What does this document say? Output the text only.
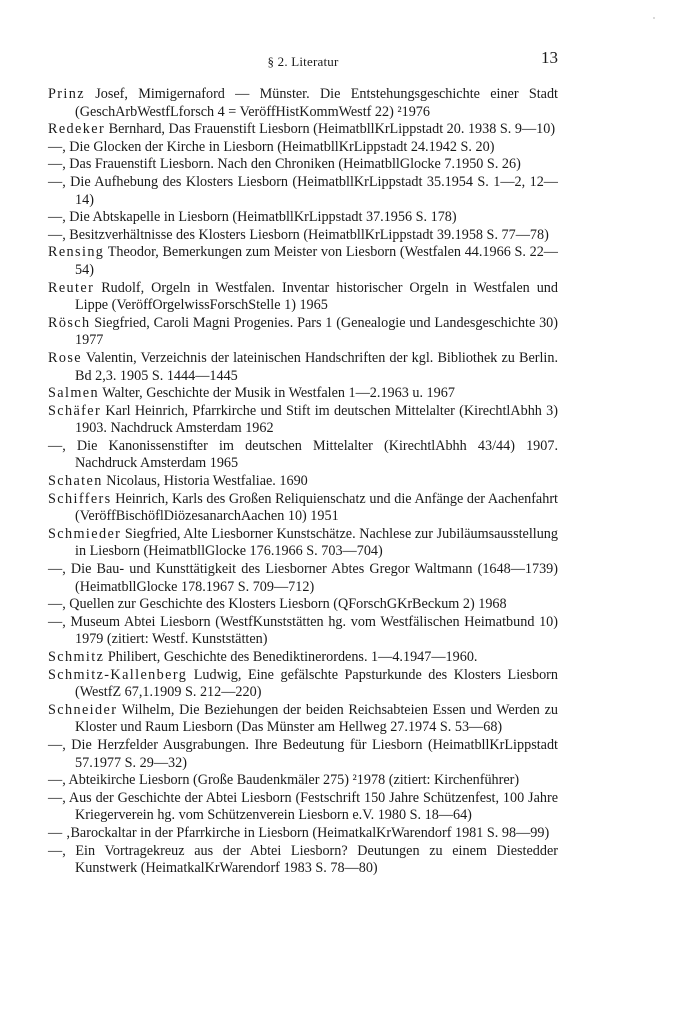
§ 2. Literatur	13
Prinz Josef, Mimigernaford — Münster. Die Entstehungsgeschichte einer Stadt (GeschArbWestfLforsch 4 = VeröffHistKommWestf 22) ²1976
Redeker Bernhard, Das Frauenstift Liesborn (HeimatbllKrLippstadt 20. 1938 S. 9—10)
—, Die Glocken der Kirche in Liesborn (HeimatbllKrLippstadt 24.1942 S. 20)
—, Das Frauenstift Liesborn. Nach den Chroniken (HeimatbllGlocke 7.1950 S. 26)
—, Die Aufhebung des Klosters Liesborn (HeimatbllKrLippstadt 35.1954 S. 1—2, 12—14)
—, Die Abtskapelle in Liesborn (HeimatbllKrLippstadt 37.1956 S. 178)
—, Besitzverhältnisse des Klosters Liesborn (HeimatbllKrLippstadt 39.1958 S. 77—78)
Rensing Theodor, Bemerkungen zum Meister von Liesborn (Westfalen 44.1966 S. 22—54)
Reuter Rudolf, Orgeln in Westfalen. Inventar historischer Orgeln in Westfalen und Lippe (VeröffOrgelwissForschStelle 1) 1965
Rösch Siegfried, Caroli Magni Progenies. Pars 1 (Genealogie und Landesgeschichte 30) 1977
Rose Valentin, Verzeichnis der lateinischen Handschriften der kgl. Bibliothek zu Berlin. Bd 2,3. 1905 S. 1444—1445
Salmen Walter, Geschichte der Musik in Westfalen 1—2.1963 u. 1967
Schäfer Karl Heinrich, Pfarrkirche und Stift im deutschen Mittelalter (KirechtlAbhh 3) 1903. Nachdruck Amsterdam 1962
—, Die Kanonissenstifter im deutschen Mittelalter (KirechtlAbhh 43/44) 1907. Nachdruck Amsterdam 1965
Schaten Nicolaus, Historia Westfaliae. 1690
Schiffers Heinrich, Karls des Großen Reliquienschatz und die Anfänge der Aachenfahrt (VeröffBischöflDiözesanarchAachen 10) 1951
Schmieder Siegfried, Alte Liesborner Kunstschätze. Nachlese zur Jubiläumsausstellung in Liesborn (HeimatbllGlocke 176.1966 S. 703—704)
—, Die Bau- und Kunsttätigkeit des Liesborner Abtes Gregor Waltmann (1648—1739) (HeimatbllGlocke 178.1967 S. 709—712)
—, Quellen zur Geschichte des Klosters Liesborn (QForschGKrBeckum 2) 1968
—, Museum Abtei Liesborn (WestfKunststätten hg. vom Westfälischen Heimatbund 10) 1979 (zitiert: Westf. Kunststätten)
Schmitz Philibert, Geschichte des Benediktinerordens. 1—4.1947—1960.
Schmitz-Kallenberg Ludwig, Eine gefälschte Papsturkunde des Klosters Liesborn (WestfZ 67,1.1909 S. 212—220)
Schneider Wilhelm, Die Beziehungen der beiden Reichsabteien Essen und Werden zu Kloster und Raum Liesborn (Das Münster am Hellweg 27.1974 S. 53—68)
—, Die Herzfelder Ausgrabungen. Ihre Bedeutung für Liesborn (HeimatbllKrLippstadt 57.1977 S. 29—32)
—, Abteikirche Liesborn (Große Baudenkmäler 275) ²1978 (zitiert: Kirchenführer)
—, Aus der Geschichte der Abtei Liesborn (Festschrift 150 Jahre Schützenfest, 100 Jahre Kriegerverein hg. vom Schützenverein Liesborn e.V. 1980 S. 18—64)
— ‚Barockaltar in der Pfarrkirche in Liesborn (HeimatkalKrWarendorf 1981 S. 98—99)
—, Ein Vortragekreuz aus der Abtei Liesborn? Deutungen zu einem Diestedder Kunstwerk (HeimatkalKrWarendorf 1983 S. 78—80)
